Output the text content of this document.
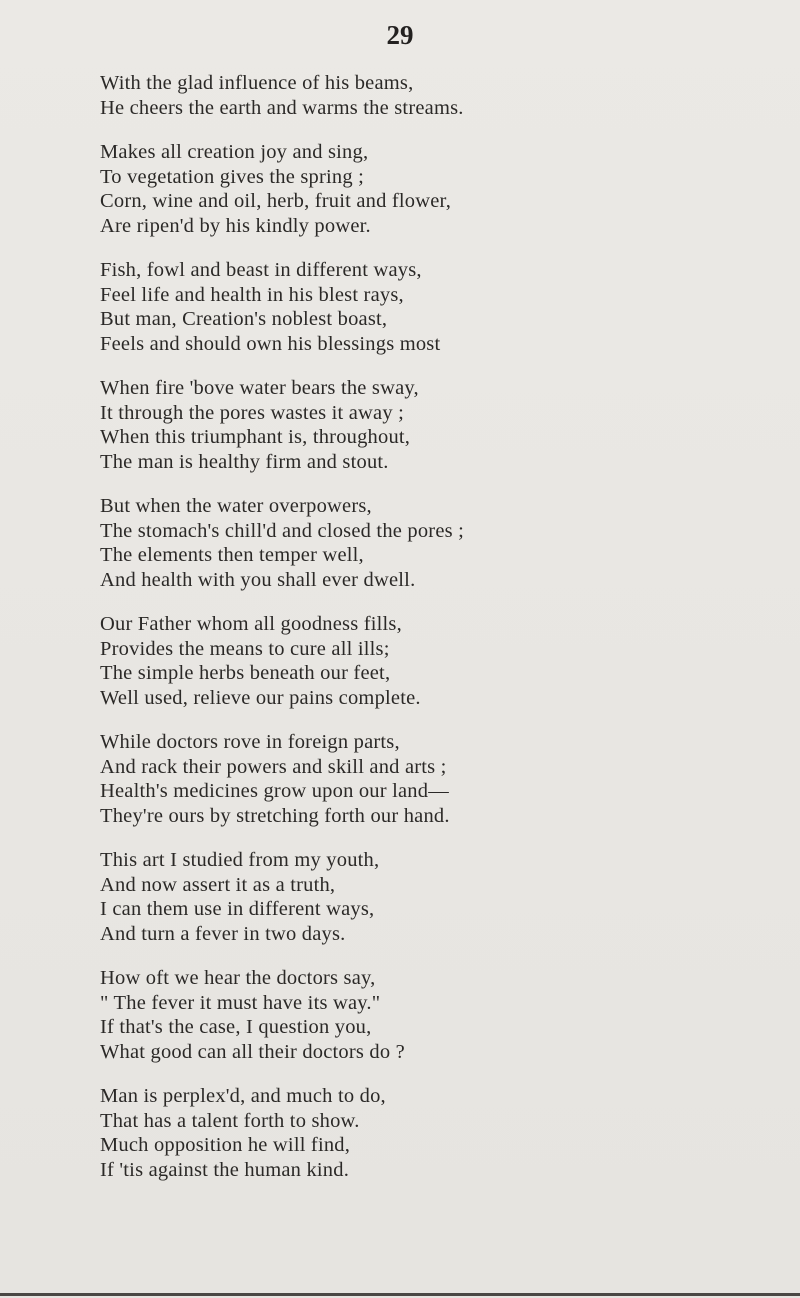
29
With the glad influence of his beams,
He cheers the earth and warms the streams.
Makes all creation joy and sing,
To vegetation gives the spring ;
Corn, wine and oil, herb, fruit and flower,
Are ripen'd by his kindly power.
Fish, fowl and beast in different ways,
Feel life and health in his blest rays,
But man, Creation's noblest boast,
Feels and should own his blessings most
When fire 'bove water bears the sway,
It through the pores wastes it away ;
When this triumphant is, throughout,
The man is healthy firm and stout.
But when the water overpowers,
The stomach's chill'd and closed the pores ;
The elements then temper well,
And health with you shall ever dwell.
Our Father whom all goodness fills,
Provides the means to cure all ills;
The simple herbs beneath our feet,
Well used, relieve our pains complete.
While doctors rove in foreign parts,
And rack their powers and skill and arts ;
Health's medicines grow upon our land—
They're ours by stretching forth our hand.
This art I studied from my youth,
And now assert it as a truth,
I can them use in different ways,
And turn a fever in two days.
How oft we hear the doctors say,
" The fever it must have its way."
If that's the case, I question you,
What good can all their doctors do ?
Man is perplex'd, and much to do,
That has a talent forth to show.
Much opposition he will find,
If 'tis against the human kind.
